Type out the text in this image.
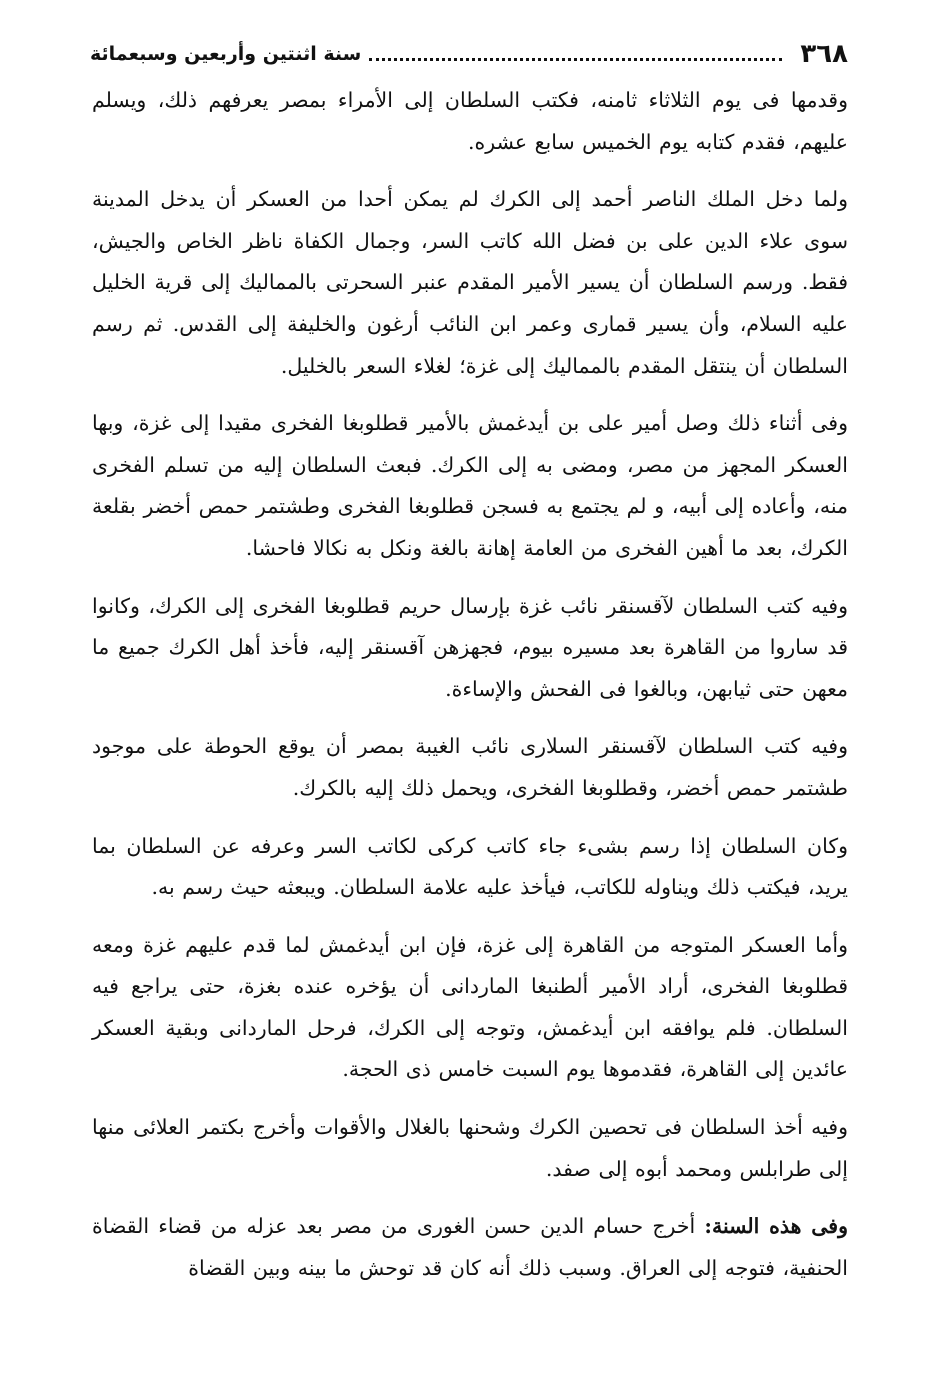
٣٦٨
سنة اثنتين وأربعين وسبعمائة

وقدمها فى يوم الثلاثاء ثامنه، فكتب السلطان إلى الأمراء بمصر يعرفهم ذلك، ويسلم عليهم، فقدم كتابه يوم الخميس سابع عشره.

ولما دخل الملك الناصر أحمد إلى الكرك لم يمكن أحدا من العسكر أن يدخل المدينة سوى علاء الدين على بن فضل الله كاتب السر، وجمال الكفاة ناظر الخاص والجيش، فقط. ورسم السلطان أن يسير الأمير المقدم عنبر السحرتى بالمماليك إلى قرية الخليل عليه السلام، وأن يسير قمارى وعمر ابن النائب أرغون والخليفة إلى القدس. ثم رسم السلطان أن ينتقل المقدم بالمماليك إلى غزة؛ لغلاء السعر بالخليل.

وفى أثناء ذلك وصل أمير على بن أيدغمش بالأمير قطلوبغا الفخرى مقيدا إلى غزة، وبها العسكر المجهز من مصر، ومضى به إلى الكرك. فبعث السلطان إليه من تسلم الفخرى منه، وأعاده إلى أبيه، و لم يجتمع به فسجن قطلوبغا الفخرى وطشتمر حمص أخضر بقلعة الكرك، بعد ما أهين الفخرى من العامة إهانة بالغة ونكل به نكالا فاحشا.

وفيه كتب السلطان لآقسنقر نائب غزة بإرسال حريم قطلوبغا الفخرى إلى الكرك، وكانوا قد ساروا من القاهرة بعد مسيره بيوم، فجهزهن آقسنقر إليه، فأخذ أهل الكرك جميع ما معهن حتى ثيابهن، وبالغوا فى الفحش والإساءة.

وفيه كتب السلطان لآقسنقر السلارى نائب الغيبة بمصر أن يوقع الحوطة على موجود طشتمر حمص أخضر، وقطلوبغا الفخرى، ويحمل ذلك إليه بالكرك.

وكان السلطان إذا رسم بشىء جاء كاتب كركى لكاتب السر وعرفه عن السلطان بما يريد، فيكتب ذلك ويناوله للكاتب، فيأخذ عليه علامة السلطان. ويبعثه حيث رسم به.

وأما العسكر المتوجه من القاهرة إلى غزة، فإن ابن أيدغمش لما قدم عليهم غزة ومعه قطلوبغا الفخرى، أراد الأمير ألطنبغا الماردانى أن يؤخره عنده بغزة، حتى يراجع فيه السلطان. فلم يوافقه ابن أيدغمش، وتوجه إلى الكرك، فرحل الماردانى وبقية العسكر عائدين إلى القاهرة، فقدموها يوم السبت خامس ذى الحجة.

وفيه أخذ السلطان فى تحصين الكرك وشحنها بالغلال والأقوات وأخرج بكتمر العلائى منها إلى طرابلس ومحمد أبوه إلى صفد.

وفى هذه السنة: أخرج حسام الدين حسن الغورى من مصر بعد عزله من قضاء القضاة الحنفية، فتوجه إلى العراق. وسبب ذلك أنه كان قد توحش ما بينه وبين القضاة
